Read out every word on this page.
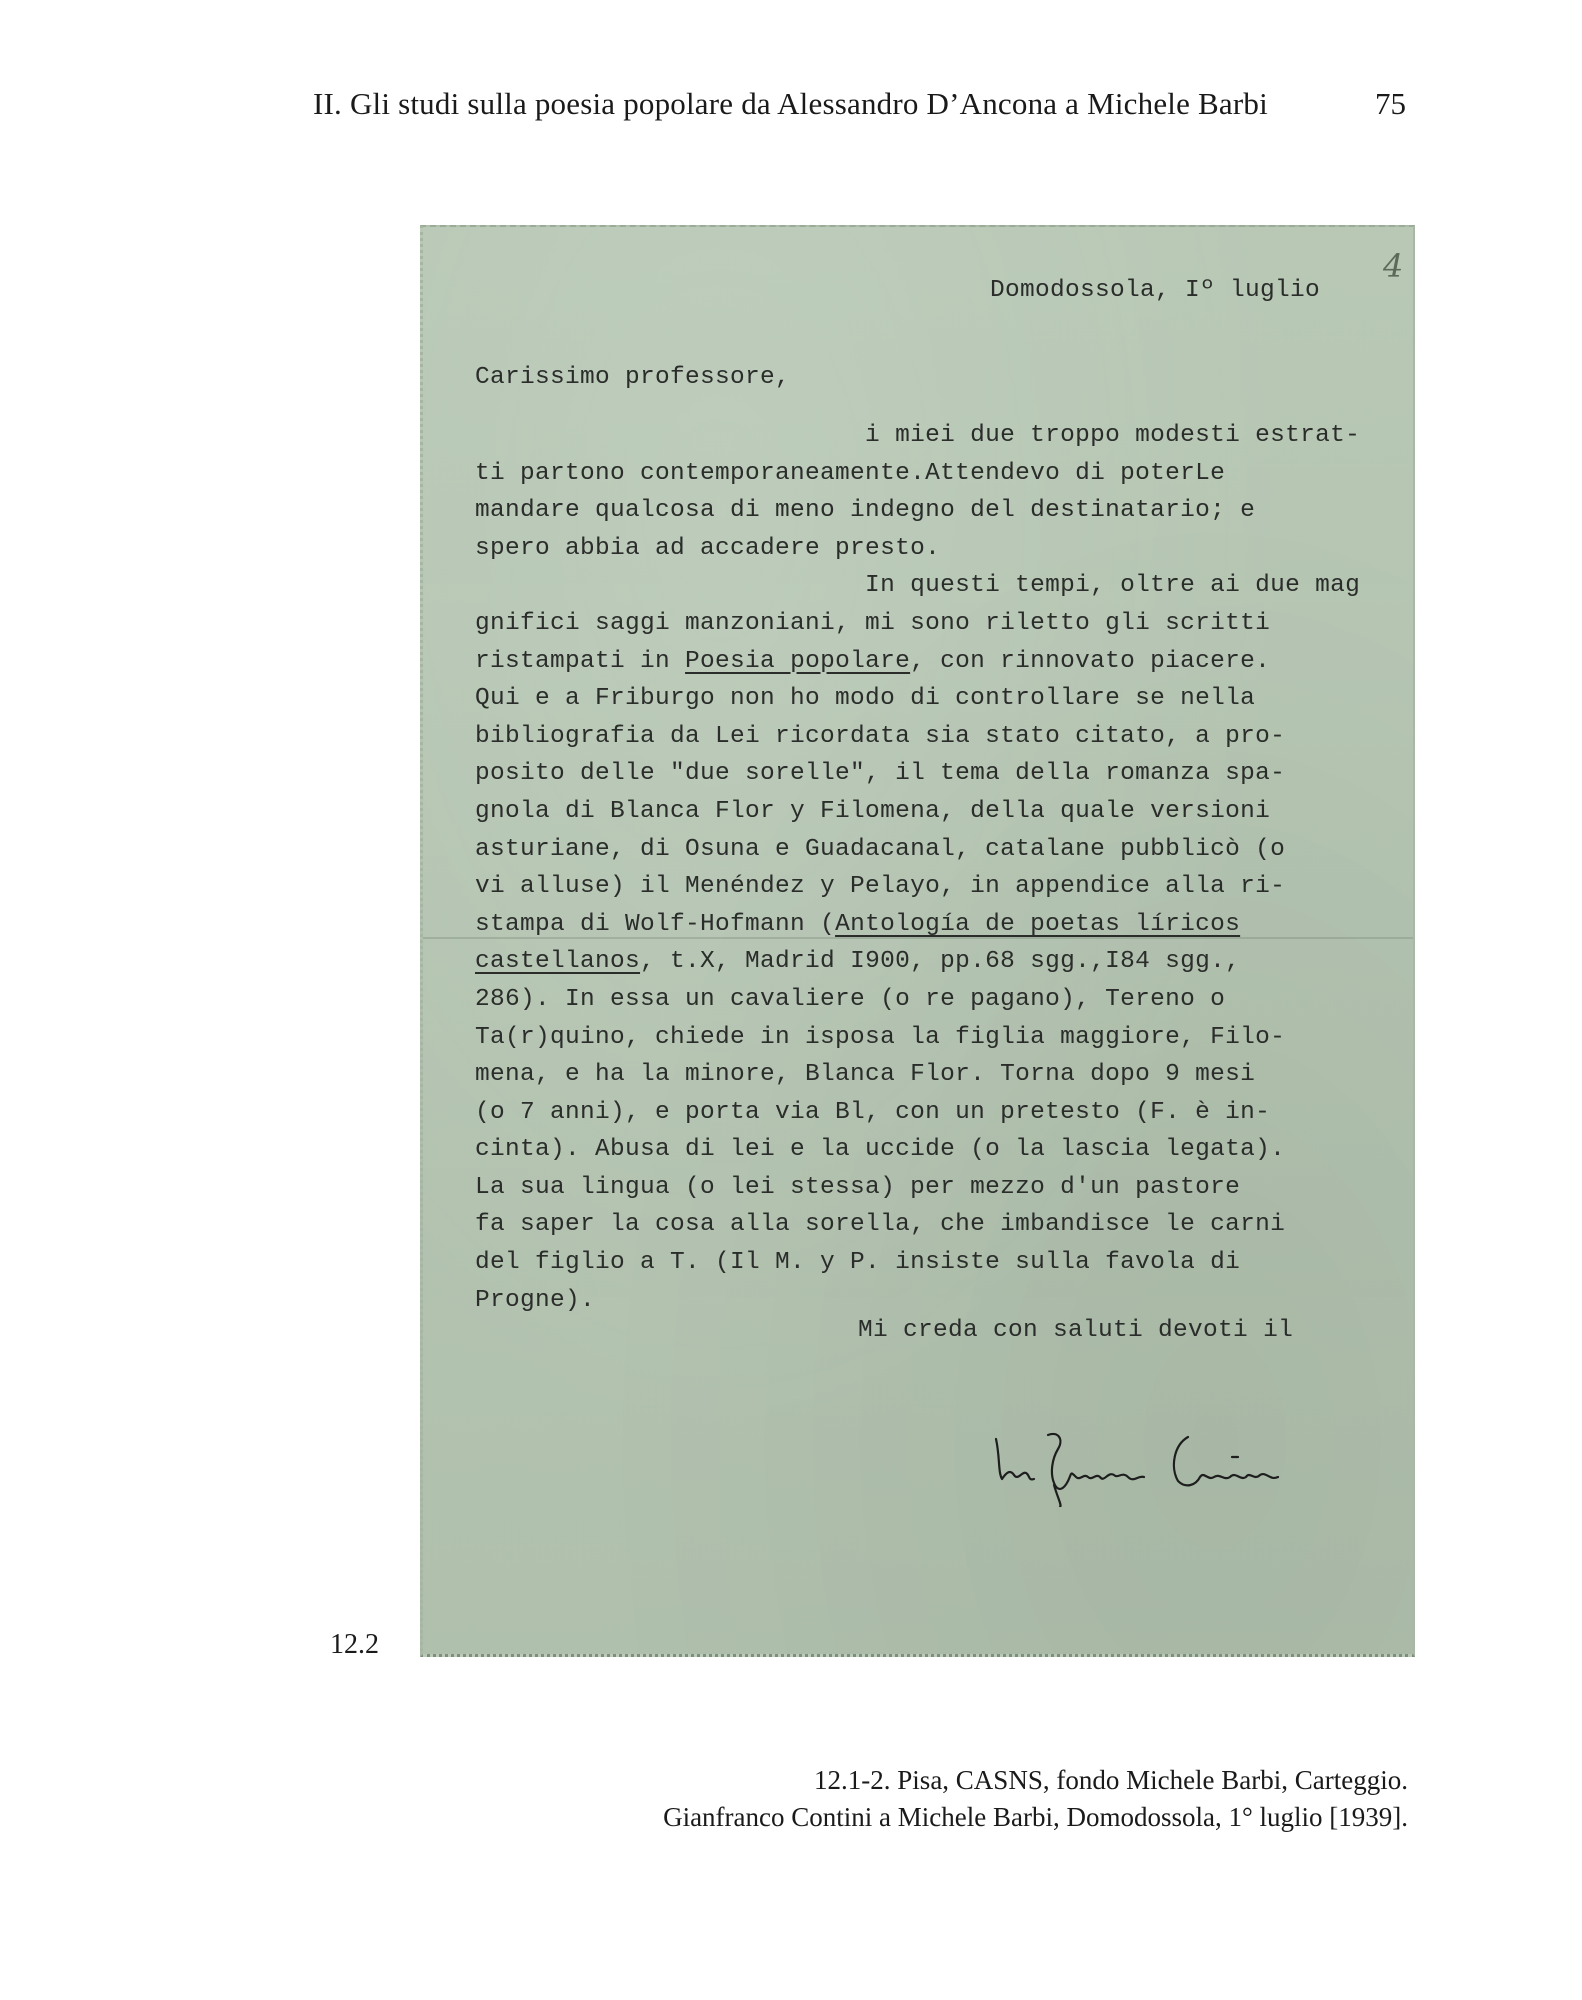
II. Gli studi sulla poesia popolare da Alessandro D’Ancona a Michele Barbi	75
4
Domodossola, Iº luglio
Carissimo professore,
i miei due troppo modesti estrat-
ti partono contemporaneamente.Attendevo di poterLe
mandare qualcosa di meno indegno del destinatario; e
spero abbia ad accadere presto.
In questi tempi, oltre ai due mag
gnifici saggi manzoniani, mi sono riletto gli scritti
ristampati in Poesia popolare, con rinnovato piacere.
Qui e a Friburgo non ho modo di controllare se nella
bibliografia da Lei ricordata sia stato citato, a pro-
posito delle "due sorelle", il tema della romanza spa-
gnola di Blanca Flor y Filomena, della quale versioni
asturiane, di Osuna e Guadacanal, catalane pubblicò (o
vi alluse) il Menéndez y Pelayo, in appendice alla ri-
stampa di Wolf-Hofmann (Antología de poetas líricos
castellanos, t.X, Madrid I900, pp.68 sgg.,I84 sgg.,
286). In essa un cavaliere (o re pagano), Tereno o
Ta(r)quino, chiede in isposa la figlia maggiore, Filo-
mena, e ha la minore, Blanca Flor. Torna dopo 9 mesi
(o 7 anni), e porta via Bl, con un pretesto (F. è in-
cinta). Abusa di lei e la uccide (o la lascia legata).
La sua lingua (o lei stessa) per mezzo d'un pastore
fa saper la cosa alla sorella, che imbandisce le carni
del figlio a T. (Il M. y P. insiste sulla favola di
Progne).
Mi creda con saluti devoti il
12.2
12.1-2. Pisa, CASNS, fondo Michele Barbi, Carteggio.
Gianfranco Contini a Michele Barbi, Domodossola, 1° luglio [1939].
